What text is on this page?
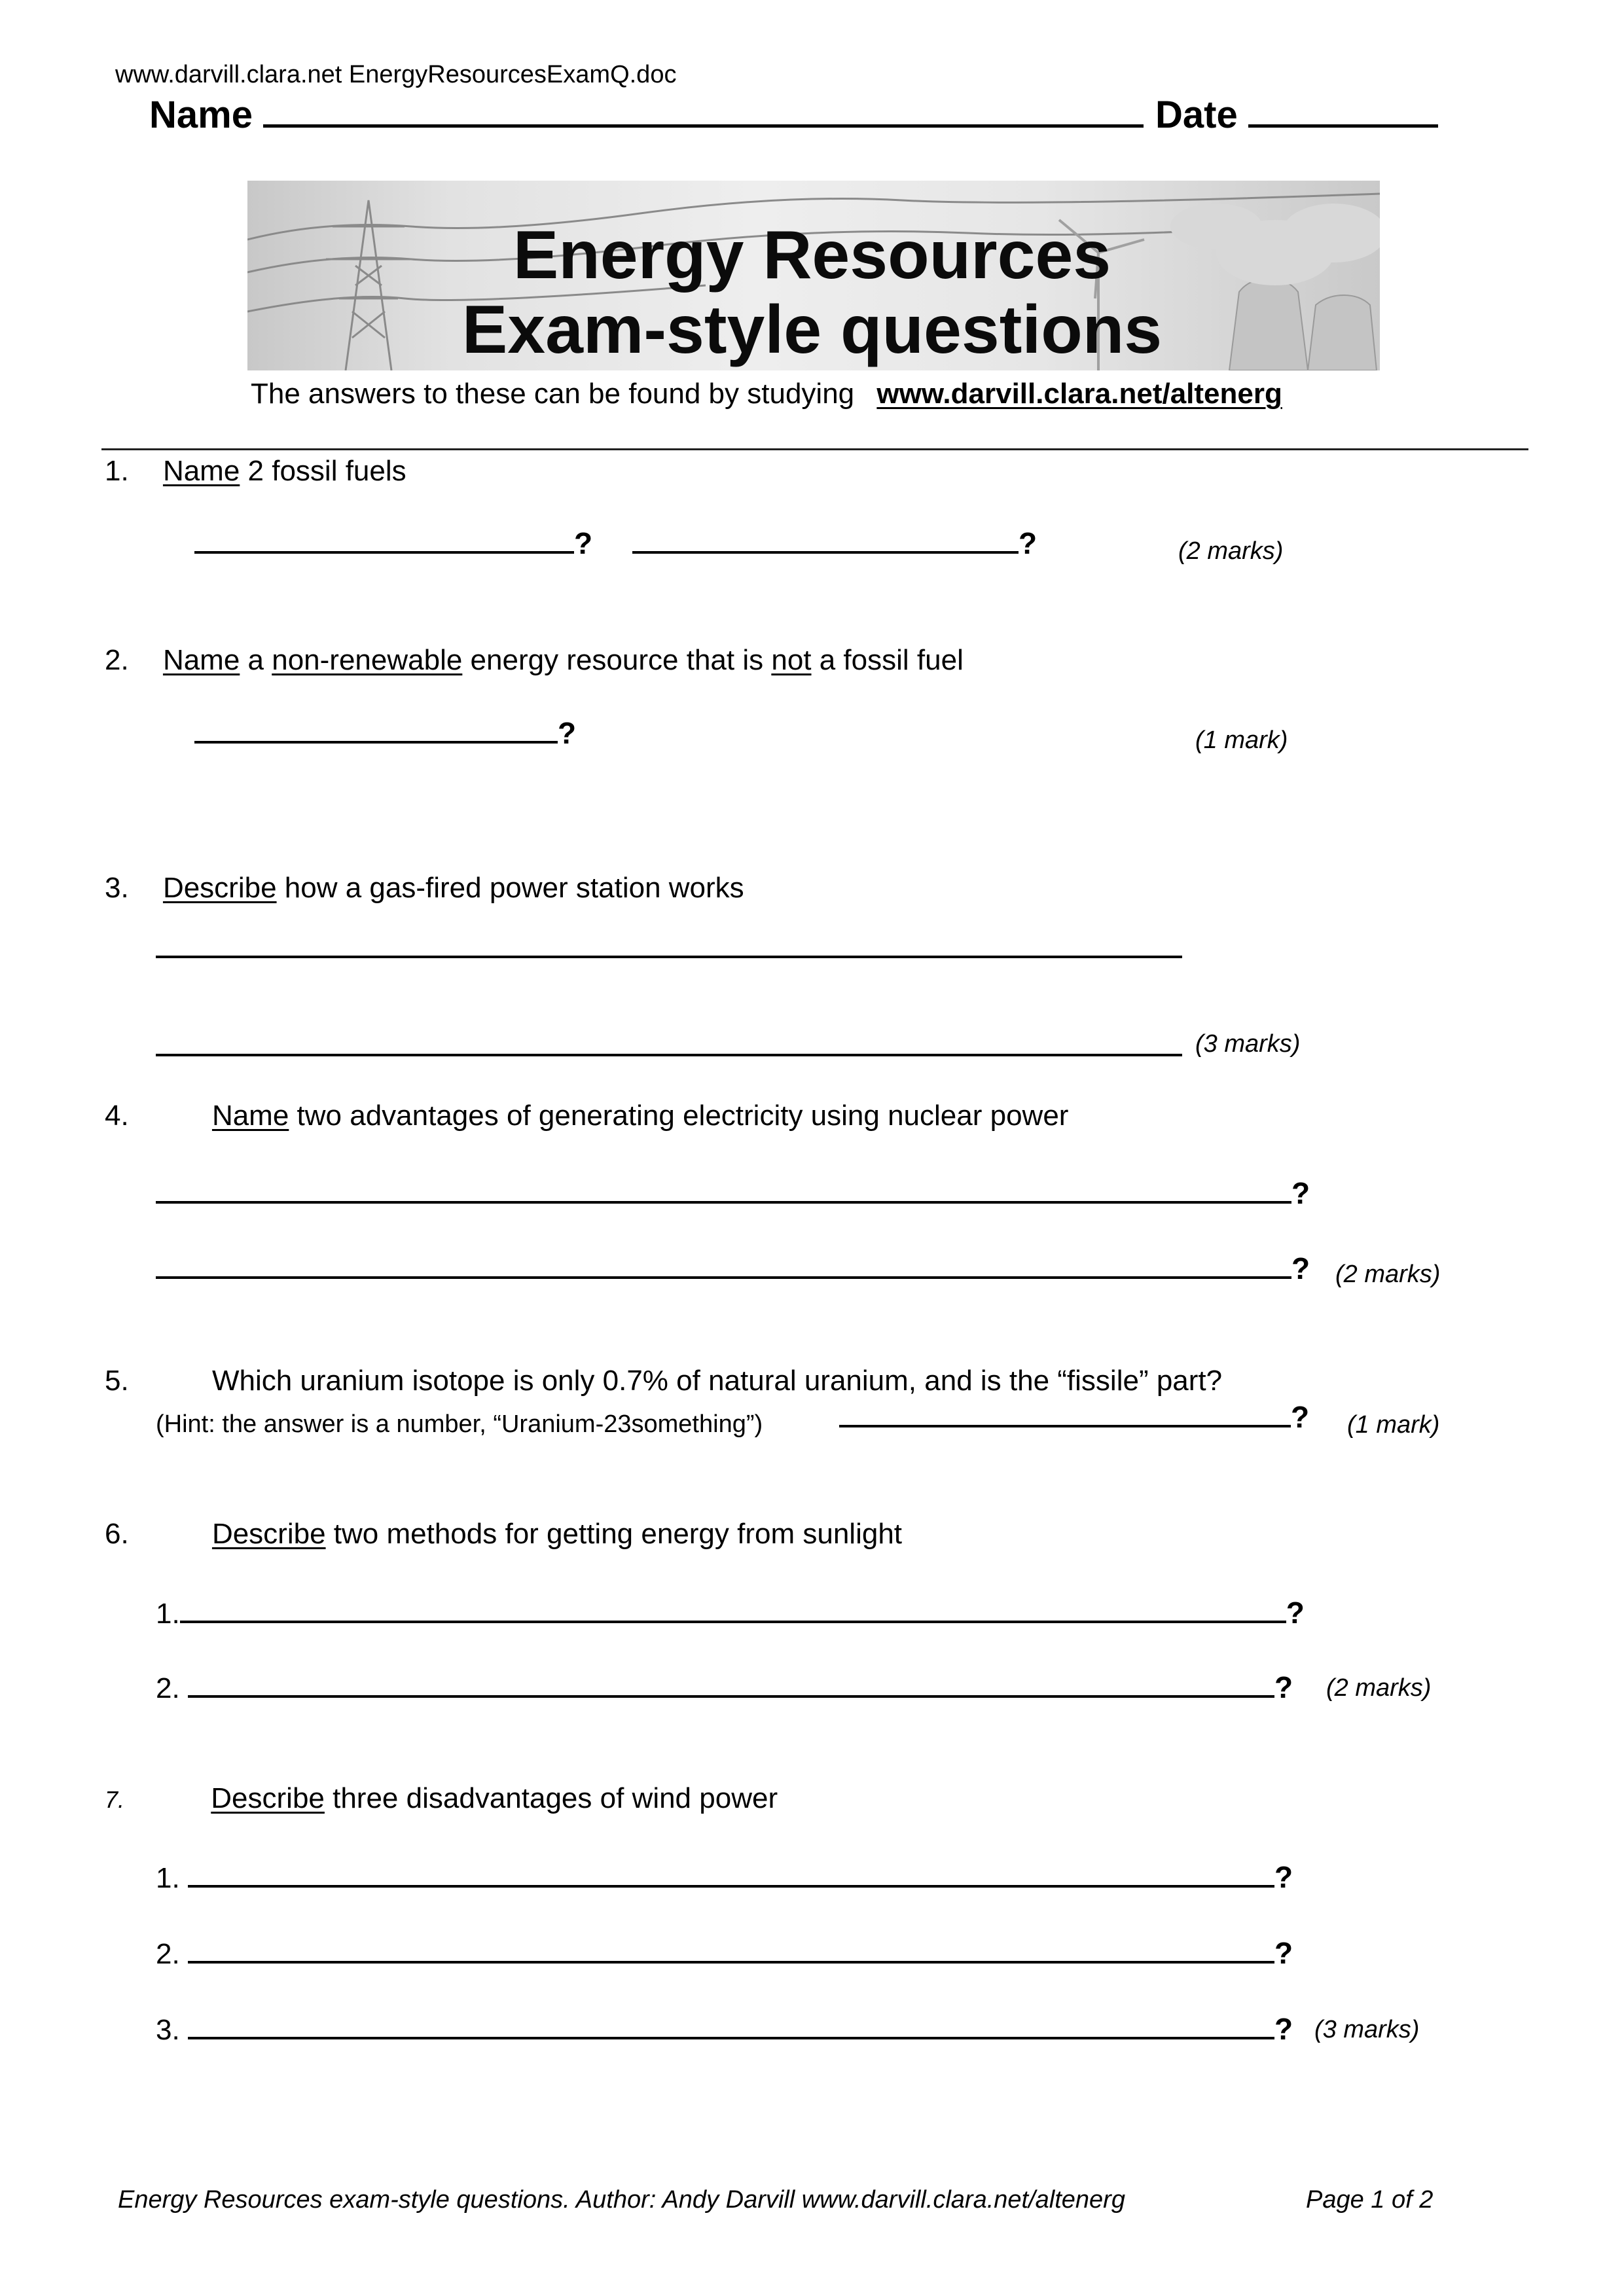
www.darvill.clara.net EnergyResourcesExamQ.doc
Name	Date
Energy Resources
Exam-style questions
The answers to these can be found by studying www.darvill.clara.net/altenerg
1. Name 2 fossil fuels
?	?	(2 marks)
2. Name a non-renewable energy resource that is not a fossil fuel
?	(1 mark)
3. Describe how a gas-fired power station works
(3 marks)
4.	Name two advantages of generating electricity using nuclear power
?
? (2 marks)
5.	Which uranium isotope is only 0.7% of natural uranium, and is the “fissile” part?
(Hint: the answer is a number, “Uranium-23something”)	? (1 mark)
6.	Describe two methods for getting energy from sunlight
1.	?
2.	? (2 marks)
7.	Describe three disadvantages of wind power
1.	?
2.	?
3.	? (3 marks)
Energy Resources exam-style questions. Author: Andy Darvill www.darvill.clara.net/altenerg	Page 1 of 2
